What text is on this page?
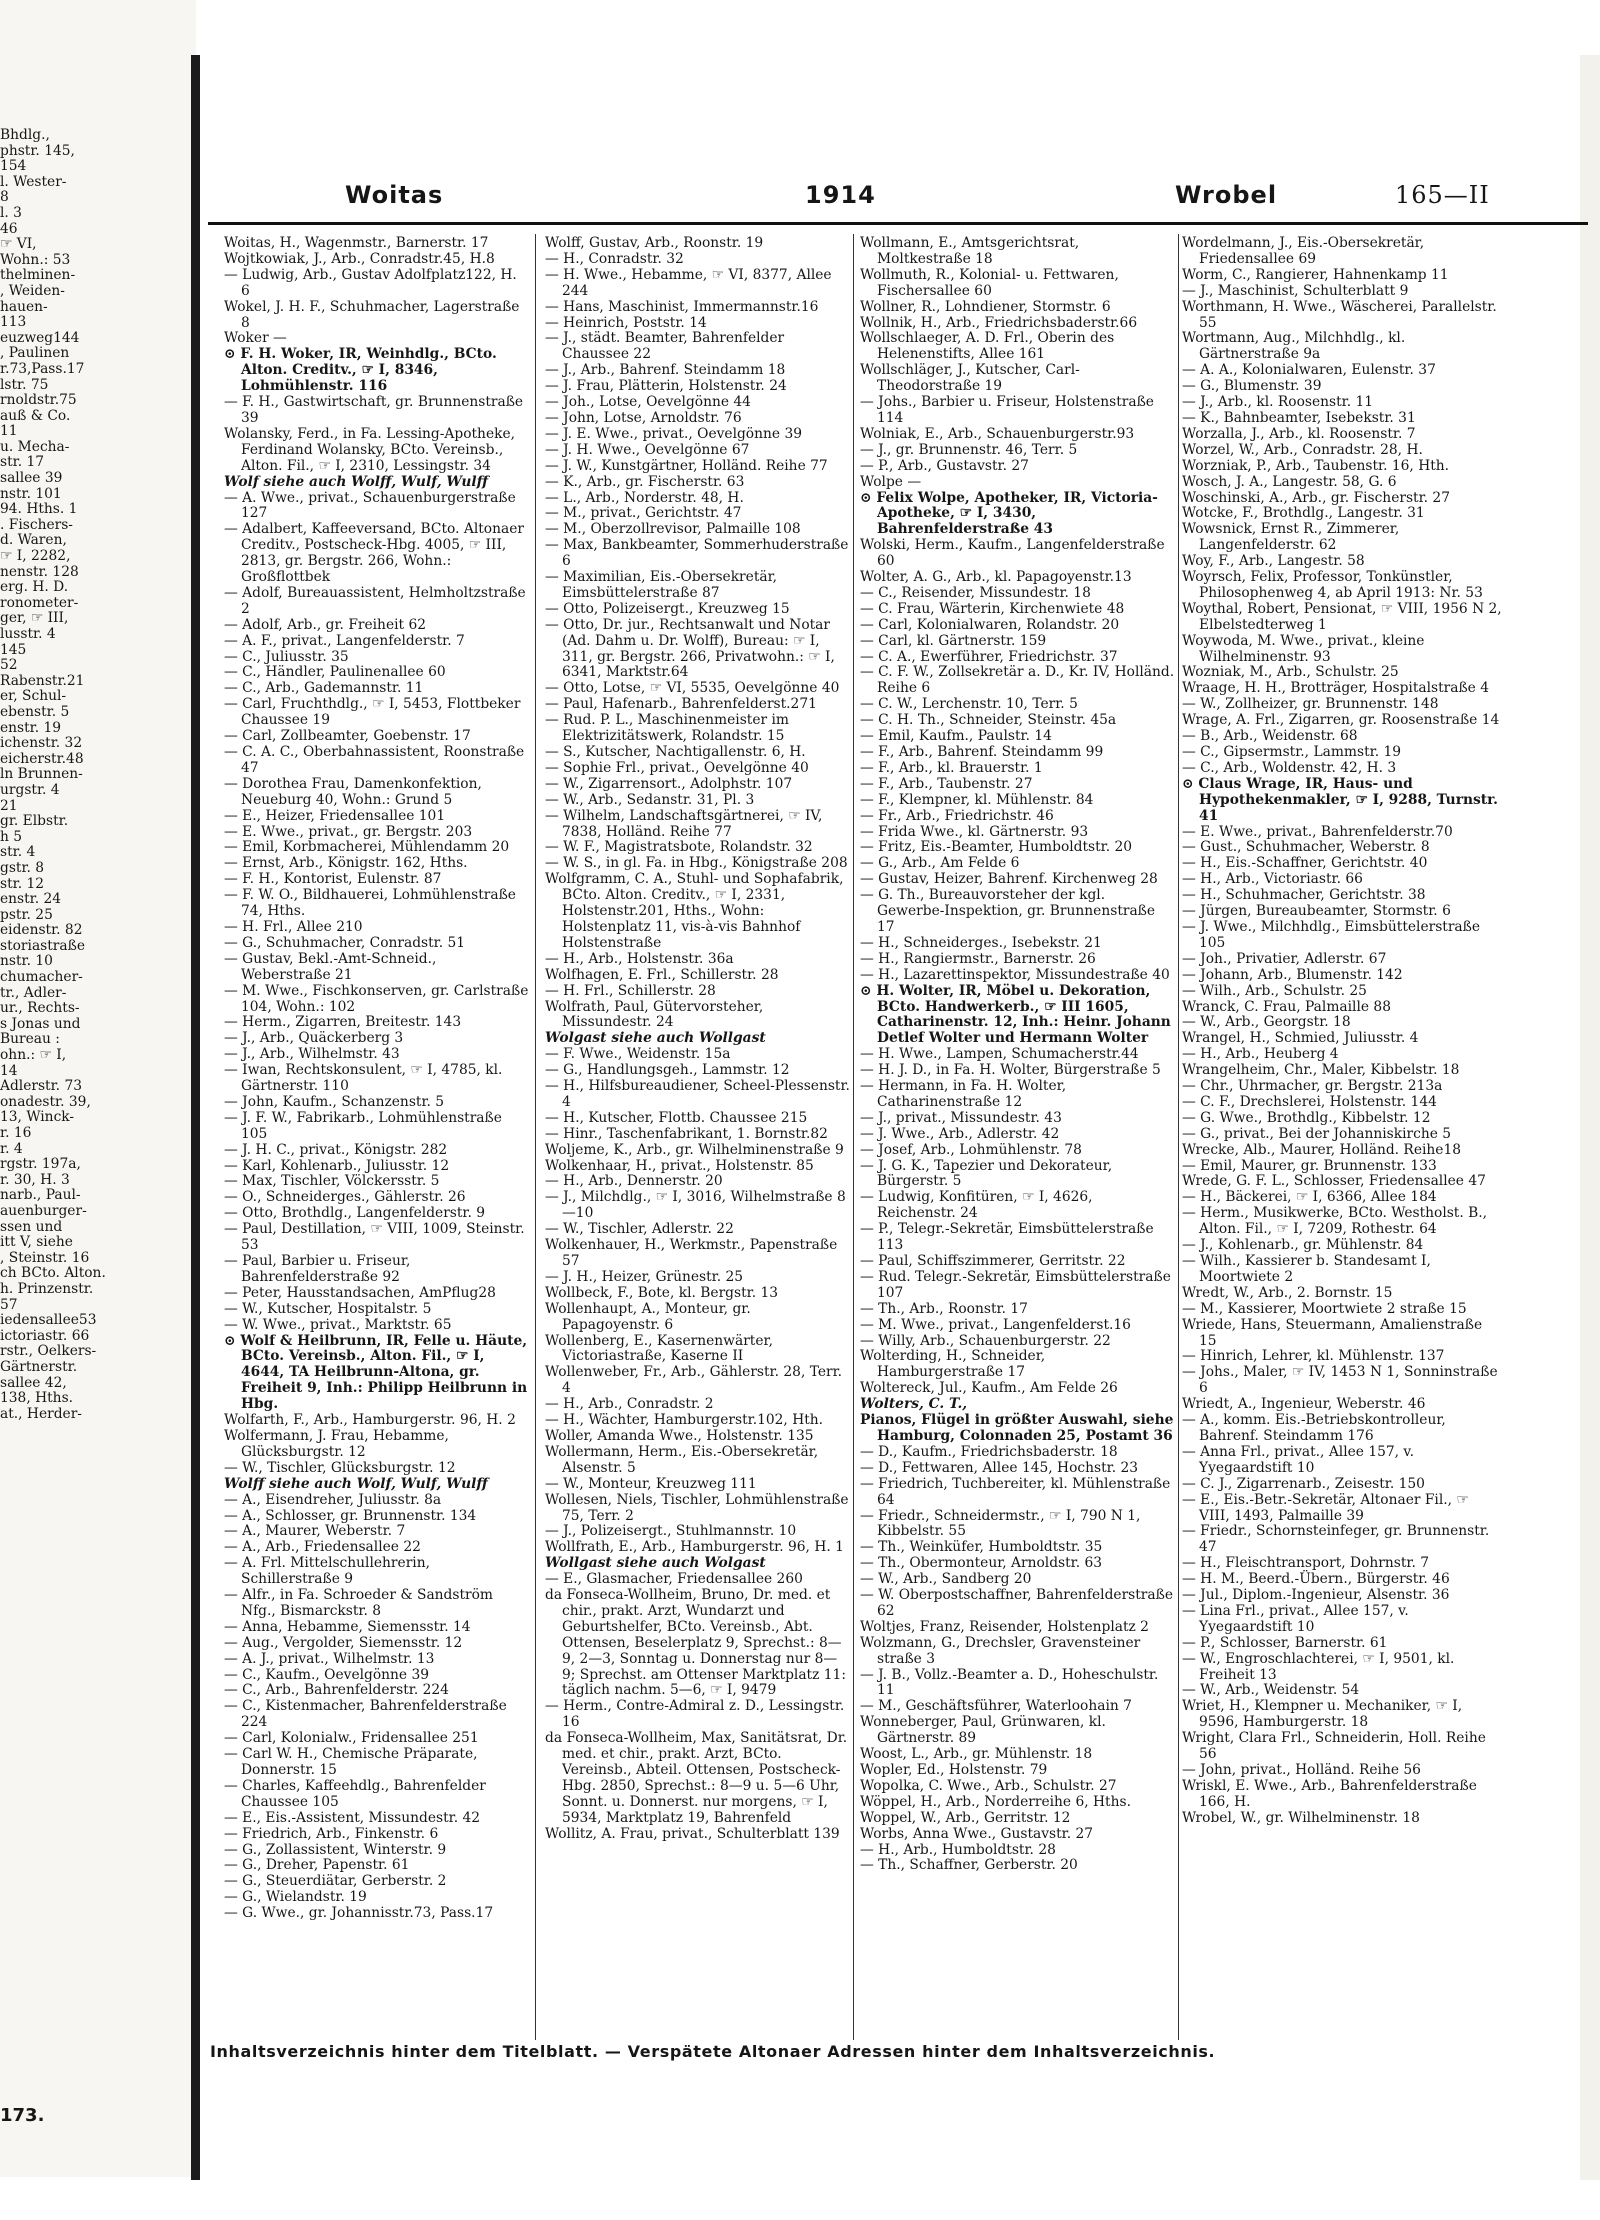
Bhdlg.,
phstr. 145,
154
l. Wester-
8
l. 3
46
☞ VI,
Wohn.: 53
thelminen-
, Weiden-
hauen-
113
euzweg144
, Paulinen
r.73,Pass.17
lstr. 75
rnoldstr.75
auß & Co.
11
u. Mecha-
str. 17
sallee 39
nstr. 101
94. Hths. 1
. Fischers-
d. Waren,
☞ I, 2282,
nenstr. 128
erg. H. D.
ronometer-
ger, ☞ III,
lusstr. 4
145
52
Rabenstr.21
er, Schul-
ebenstr. 5
enstr. 19
ichenstr. 32
eicherstr.48
ln Brunnen-
urgstr. 4
21
gr. Elbstr.
h 5
str. 4
gstr. 8
str. 12
enstr. 24
pstr. 25
eidenstr. 82
storiastraße
nstr. 10
chumacher-
tr., Adler-
ur., Rechts-
s Jonas und
Bureau :
ohn.: ☞ I,
14
Adlerstr. 73
onadestr. 39,
13, Winck-
r. 16
r. 4
rgstr. 197a,
r. 30, H. 3
narb., Paul-
auenburger-
ssen und
itt V, siehe
, Steinstr. 16
ch BCto. Alton.
h. Prinzenstr.
57
iedensallee53
ictoriastr. 66
rstr., Oelkers-
Gärtnerstr.
sallee 42,
138, Hths.
at., Herder-
173.
Woitas	1914	Wrobel	165—II

Woitas, H., Wagenmstr., Barnerstr. 17

Wojtkowiak, J., Arb., Conradstr.45, H.8

— Ludwig, Arb., Gustav Adolfplatz122, H. 6

Wokel, J. H. F., Schuhmacher, Lagerstraße 8

Woker —

⊙ F. H. Woker, IR, Weinhdlg., BCto. Alton. Creditv., ☞ I, 8346, Lohmühlenstr. 116

— F. H., Gastwirtschaft, gr. Brunnenstraße 39

Wolansky, Ferd., in Fa. Lessing-Apotheke, Ferdinand Wolansky, BCto. Vereinsb., Alton. Fil., ☞ I, 2310, Lessingstr. 34

Wolf siehe auch Wolff, Wulf, Wulff

— A. Wwe., privat., Schauenburgerstraße 127

— Adalbert, Kaffeeversand, BCto. Altonaer Creditv., Postscheck-Hbg. 4005, ☞ III, 2813, gr. Bergstr. 266, Wohn.: Großflottbek

— Adolf, Bureauassistent, Helmholtzstraße 2

— Adolf, Arb., gr. Freiheit 62

— A. F., privat., Langenfelderstr. 7

— C., Juliusstr. 35

— C., Händler, Paulinenallee 60

— C., Arb., Gademannstr. 11

— Carl, Fruchthdlg., ☞ I, 5453, Flottbeker Chaussee 19

— Carl, Zollbeamter, Goebenstr. 17

— C. A. C., Oberbahnassistent, Roonstraße 47

— Dorothea Frau, Damenkonfektion, Neueburg 40, Wohn.: Grund 5

— E., Heizer, Friedensallee 101

— E. Wwe., privat., gr. Bergstr. 203

— Emil, Korbmacherei, Mühlendamm 20

— Ernst, Arb., Königstr. 162, Hths.

— F. H., Kontorist, Eulenstr. 87

— F. W. O., Bildhauerei, Lohmühlenstraße 74, Hths.

— H. Frl., Allee 210

— G., Schuhmacher, Conradstr. 51

— Gustav, Bekl.-Amt-Schneid., Weberstraße 21

— M. Wwe., Fischkonserven, gr. Carlstraße 104, Wohn.: 102

— Herm., Zigarren, Breitestr. 143

— J., Arb., Quäckerberg 3

— J., Arb., Wilhelmstr. 43

— Iwan, Rechtskonsulent, ☞ I, 4785, kl. Gärtnerstr. 110

— John, Kaufm., Schanzenstr. 5

— J. F. W., Fabrikarb., Lohmühlenstraße 105

— J. H. C., privat., Königstr. 282

— Karl, Kohlenarb., Juliusstr. 12

— Max, Tischler, Völckersstr. 5

— O., Schneiderges., Gählerstr. 26

— Otto, Brothdlg., Langenfelderstr. 9

— Paul, Destillation, ☞ VIII, 1009, Steinstr. 53

— Paul, Barbier u. Friseur, Bahrenfelderstraße 92

— Peter, Hausstandsachen, AmPflug28

— W., Kutscher, Hospitalstr. 5

— W. Wwe., privat., Marktstr. 65

⊙ Wolf & Heilbrunn, IR, Felle u. Häute, BCto. Vereinsb., Alton. Fil., ☞ I, 4644, TA Heilbrunn-Altona, gr. Freiheit 9, Inh.: Philipp Heilbrunn in Hbg.

Wolfarth, F., Arb., Hamburgerstr. 96, H. 2

Wolfermann, J. Frau, Hebamme, Glücksburgstr. 12

— W., Tischler, Glücksburgstr. 12

Wolff siehe auch Wolf, Wulf, Wulff

— A., Eisendreher, Juliusstr. 8a

— A., Schlosser, gr. Brunnenstr. 134

— A., Maurer, Weberstr. 7

— A., Arb., Friedensallee 22

— A. Frl. Mittelschullehrerin, Schillerstraße 9

— Alfr., in Fa. Schroeder & Sandström Nfg., Bismarckstr. 8

— Anna, Hebamme, Siemensstr. 14

— Aug., Vergolder, Siemensstr. 12

— A. J., privat., Wilhelmstr. 13

— C., Kaufm., Oevelgönne 39

— C., Arb., Bahrenfelderstr. 224

— C., Kistenmacher, Bahrenfelderstraße 224

— Carl, Kolonialw., Fridensallee 251

— Carl W. H., Chemische Präparate, Donnerstr. 15

— Charles, Kaffeehdlg., Bahrenfelder Chaussee 105

— E., Eis.-Assistent, Missundestr. 42

— Friedrich, Arb., Finkenstr. 6

— G., Zollassistent, Winterstr. 9

— G., Dreher, Papenstr. 61

— G., Steuerdiätar, Gerberstr. 2

— G., Wielandstr. 19

— G. Wwe., gr. Johannisstr.73, Pass.17

Wolff, Gustav, Arb., Roonstr. 19

— H., Conradstr. 32

— H. Wwe., Hebamme, ☞ VI, 8377, Allee 244

— Hans, Maschinist, Immermannstr.16

— Heinrich, Poststr. 14

— J., städt. Beamter, Bahrenfelder Chaussee 22

— J., Arb., Bahrenf. Steindamm 18

— J. Frau, Plätterin, Holstenstr. 24

— Joh., Lotse, Oevelgönne 44

— John, Lotse, Arnoldstr. 76

— J. E. Wwe., privat., Oevelgönne 39

— J. H. Wwe., Oevelgönne 67

— J. W., Kunstgärtner, Holländ. Reihe 77

— K., Arb., gr. Fischerstr. 63

— L., Arb., Norderstr. 48, H.

— M., privat., Gerichtstr. 47

— M., Oberzollrevisor, Palmaille 108

— Max, Bankbeamter, Sommerhuderstraße 6

— Maximilian, Eis.-Obersekretär, Eimsbüttelerstraße 87

— Otto, Polizeisergt., Kreuzweg 15

— Otto, Dr. jur., Rechtsanwalt und Notar (Ad. Dahm u. Dr. Wolff), Bureau: ☞ I, 311, gr. Bergstr. 266, Privatwohn.: ☞ I, 6341, Marktstr.64

— Otto, Lotse, ☞ VI, 5535, Oevelgönne 40

— Paul, Hafenarb., Bahrenfelderst.271

— Rud. P. L., Maschinenmeister im Elektrizitätswerk, Rolandstr. 15

— S., Kutscher, Nachtigallenstr. 6, H.

— Sophie Frl., privat., Oevelgönne 40

— W., Zigarrensort., Adolphstr. 107

— W., Arb., Sedanstr. 31, Pl. 3

— Wilhelm, Landschaftsgärtnerei, ☞ IV, 7838, Holländ. Reihe 77

— W. F., Magistratsbote, Rolandstr. 32

— W. S., in gl. Fa. in Hbg., Königstraße 208

Wolfgramm, C. A., Stuhl- und Sophafabrik, BCto. Alton. Creditv., ☞ I, 2331, Holstenstr.201, Hths., Wohn: Holstenplatz 11, vis-à-vis Bahnhof Holstenstraße

— H., Arb., Holstenstr. 36a

Wolfhagen, E. Frl., Schillerstr. 28

— H. Frl., Schillerstr. 28

Wolfrath, Paul, Gütervorsteher, Missundestr. 24

Wolgast siehe auch Wollgast

— F. Wwe., Weidenstr. 15a

— G., Handlungsgeh., Lammstr. 12

— H., Hilfsbureaudiener, Scheel-Plessenstr. 4

— H., Kutscher, Flottb. Chaussee 215

— Hinr., Taschenfabrikant, 1. Bornstr.82

Woljeme, K., Arb., gr. Wilhelminenstraße 9

Wolkenhaar, H., privat., Holstenstr. 85

— H., Arb., Dennerstr. 20

— J., Milchdlg., ☞ I, 3016, Wilhelmstraße 8—10

— W., Tischler, Adlerstr. 22

Wolkenhauer, H., Werkmstr., Papenstraße 57

— J. H., Heizer, Grünestr. 25

Wollbeck, F., Bote, kl. Bergstr. 13

Wollenhaupt, A., Monteur, gr. Papagoyenstr. 6

Wollenberg, E., Kasernenwärter, Victoriastraße, Kaserne II

Wollenweber, Fr., Arb., Gählerstr. 28, Terr. 4

— H., Arb., Conradstr. 2

— H., Wächter, Hamburgerstr.102, Hth.

Woller, Amanda Wwe., Holstenstr. 135

Wollermann, Herm., Eis.-Obersekretär, Alsenstr. 5

— W., Monteur, Kreuzweg 111

Wollesen, Niels, Tischler, Lohmühlenstraße 75, Terr. 2

— J., Polizeisergt., Stuhlmannstr. 10

Wollfrath, E., Arb., Hamburgerstr. 96, H. 1

Wollgast siehe auch Wolgast

— E., Glasmacher, Friedensallee 260

da Fonseca-Wollheim, Bruno, Dr. med. et chir., prakt. Arzt, Wundarzt und Geburtshelfer, BCto. Vereinsb., Abt. Ottensen, Beselerplatz 9, Sprechst.: 8—9, 2—3, Sonntag u. Donnerstag nur 8—9; Sprechst. am Ottenser Marktplatz 11: täglich nachm. 5—6, ☞ I, 9479

— Herm., Contre-Admiral z. D., Lessingstr. 16

da Fonseca-Wollheim, Max, Sanitätsrat, Dr. med. et chir., prakt. Arzt, BCto. Vereinsb., Abteil. Ottensen, Postscheck-Hbg. 2850, Sprechst.: 8—9 u. 5—6 Uhr, Sonnt. u. Donnerst. nur morgens, ☞ I, 5934, Marktplatz 19, Bahrenfeld

Wollitz, A. Frau, privat., Schulterblatt 139

Wollmann, E., Amtsgerichtsrat, Moltkestraße 18

Wollmuth, R., Kolonial- u. Fettwaren, Fischersallee 60

Wollner, R., Lohndiener, Stormstr. 6

Wollnik, H., Arb., Friedrichsbaderstr.66

Wollschlaeger, A. D. Frl., Oberin des Helenenstifts, Allee 161

Wollschläger, J., Kutscher, Carl-Theodorstraße 19

— Johs., Barbier u. Friseur, Holstenstraße 114

Wolniak, E., Arb., Schauenburgerstr.93

— J., gr. Brunnenstr. 46, Terr. 5

— P., Arb., Gustavstr. 27

Wolpe —

⊙ Felix Wolpe, Apotheker, IR, Victoria-Apotheke, ☞ I, 3430, Bahrenfelderstraße 43

Wolski, Herm., Kaufm., Langenfelderstraße 60

Wolter, A. G., Arb., kl. Papagoyenstr.13

— C., Reisender, Missundestr. 18

— C. Frau, Wärterin, Kirchenwiete 48

— Carl, Kolonialwaren, Rolandstr. 20

— Carl, kl. Gärtnerstr. 159

— C. A., Ewerführer, Friedrichstr. 37

— C. F. W., Zollsekretär a. D., Kr. IV, Holländ. Reihe 6

— C. W., Lerchenstr. 10, Terr. 5

— C. H. Th., Schneider, Steinstr. 45a

— Emil, Kaufm., Paulstr. 14

— F., Arb., Bahrenf. Steindamm 99

— F., Arb., kl. Brauerstr. 1

— F., Arb., Taubenstr. 27

— F., Klempner, kl. Mühlenstr. 84

— Fr., Arb., Friedrichstr. 46

— Frida Wwe., kl. Gärtnerstr. 93

— Fritz, Eis.-Beamter, Humboldtstr. 20

— G., Arb., Am Felde 6

— Gustav, Heizer, Bahrenf. Kirchenweg 28

— G. Th., Bureauvorsteher der kgl. Gewerbe-Inspektion, gr. Brunnenstraße 17

— H., Schneiderges., Isebekstr. 21

— H., Rangiermstr., Barnerstr. 26

— H., Lazarettinspektor, Missundestraße 40

⊙ H. Wolter, IR, Möbel u. Dekoration, BCto. Handwerkerb., ☞ III 1605, Catharinenstr. 12, Inh.: Heinr. Johann Detlef Wolter und Hermann Wolter

— H. Wwe., Lampen, Schumacherstr.44

— H. J. D., in Fa. H. Wolter, Bürgerstraße 5

— Hermann, in Fa. H. Wolter, Catharinenstraße 12

— J., privat., Missundestr. 43

— J. Wwe., Arb., Adlerstr. 42

— Josef, Arb., Lohmühlenstr. 78

— J. G. K., Tapezier und Dekorateur, Bürgerstr. 5

— Ludwig, Konfitüren, ☞ I, 4626, Reichenstr. 24

— P., Telegr.-Sekretär, Eimsbüttelerstraße 113

— Paul, Schiffszimmerer, Gerritstr. 22

— Rud. Telegr.-Sekretär, Eimsbüttelerstraße 107

— Th., Arb., Roonstr. 17

— M. Wwe., privat., Langenfelderst.16

— Willy, Arb., Schauenburgerstr. 22

Wolterding, H., Schneider, Hamburgerstraße 17

Woltereck, Jul., Kaufm., Am Felde 26

Wolters, C. T.,

Pianos, Flügel in größter Auswahl, siehe Hamburg, Colonnaden 25, Postamt 36

— D., Kaufm., Friedrichsbaderstr. 18

— D., Fettwaren, Allee 145, Hochstr. 23

— Friedrich, Tuchbereiter, kl. Mühlenstraße 64

— Friedr., Schneidermstr., ☞ I, 790 N 1, Kibbelstr. 55

— Th., Weinküfer, Humboldtstr. 35

— Th., Obermonteur, Arnoldstr. 63

— W., Arb., Sandberg 20

— W. Oberpostschaffner, Bahrenfelderstraße 62

Woltjes, Franz, Reisender, Holstenplatz 2

Wolzmann, G., Drechsler, Gravensteiner straße 3

— J. B., Vollz.-Beamter a. D., Hoheschulstr. 11

— M., Geschäftsführer, Waterloohain 7

Wonneberger, Paul, Grünwaren, kl. Gärtnerstr. 89

Woost, L., Arb., gr. Mühlenstr. 18

Wopler, Ed., Holstenstr. 79

Wopolka, C. Wwe., Arb., Schulstr. 27

Wöppel, H., Arb., Norderreihe 6, Hths.

Woppel, W., Arb., Gerritstr. 12

Worbs, Anna Wwe., Gustavstr. 27

— H., Arb., Humboldtstr. 28

— Th., Schaffner, Gerberstr. 20

Wordelmann, J., Eis.-Obersekretär, Friedensallee 69

Worm, C., Rangierer, Hahnenkamp 11

— J., Maschinist, Schulterblatt 9

Worthmann, H. Wwe., Wäscherei, Parallelstr. 55

Wortmann, Aug., Milchhdlg., kl. Gärtnerstraße 9a

— A. A., Kolonialwaren, Eulenstr. 37

— G., Blumenstr. 39

— J., Arb., kl. Roosenstr. 11

— K., Bahnbeamter, Isebekstr. 31

Worzalla, J., Arb., kl. Roosenstr. 7

Worzel, W., Arb., Conradstr. 28, H.

Worzniak, P., Arb., Taubenstr. 16, Hth.

Wosch, J. A., Langestr. 58, G. 6

Woschinski, A., Arb., gr. Fischerstr. 27

Wotcke, F., Brothdlg., Langestr. 31

Wowsnick, Ernst R., Zimmerer, Langenfelderstr. 62

Woy, F., Arb., Langestr. 58

Woyrsch, Felix, Professor, Tonkünstler, Philosophenweg 4, ab April 1913: Nr. 53

Woythal, Robert, Pensionat, ☞ VIII, 1956 N 2, Elbelstedterweg 1

Woywoda, M. Wwe., privat., kleine Wilhelminenstr. 93

Wozniak, M., Arb., Schulstr. 25

Wraage, H. H., Brotträger, Hospitalstraße 4

— W., Zollheizer, gr. Brunnenstr. 148

Wrage, A. Frl., Zigarren, gr. Roosenstraße 14

— B., Arb., Weidenstr. 68

— C., Gipsermstr., Lammstr. 19

— C., Arb., Woldenstr. 42, H. 3

⊙ Claus Wrage, IR, Haus- und Hypothekenmakler, ☞ I, 9288, Turnstr. 41

— E. Wwe., privat., Bahrenfelderstr.70

— Gust., Schuhmacher, Weberstr. 8

— H., Eis.-Schaffner, Gerichtstr. 40

— H., Arb., Victoriastr. 66

— H., Schuhmacher, Gerichtstr. 38

— Jürgen, Bureaubeamter, Stormstr. 6

— J. Wwe., Milchhdlg., Eimsbüttelerstraße 105

— Joh., Privatier, Adlerstr. 67

— Johann, Arb., Blumenstr. 142

— Wilh., Arb., Schulstr. 25

Wranck, C. Frau, Palmaille 88

— W., Arb., Georgstr. 18

Wrangel, H., Schmied, Juliusstr. 4

— H., Arb., Heuberg 4

Wrangelheim, Chr., Maler, Kibbelstr. 18

— Chr., Uhrmacher, gr. Bergstr. 213a

— C. F., Drechslerei, Holstenstr. 144

— G. Wwe., Brothdlg., Kibbelstr. 12

— G., privat., Bei der Johanniskirche 5

Wrecke, Alb., Maurer, Holländ. Reihe18

— Emil, Maurer, gr. Brunnenstr. 133

Wrede, G. F. L., Schlosser, Friedensallee 47

— H., Bäckerei, ☞ I, 6366, Allee 184

— Herm., Musikwerke, BCto. Westholst. B., Alton. Fil., ☞ I, 7209, Rothestr. 64

— J., Kohlenarb., gr. Mühlenstr. 84

— Wilh., Kassierer b. Standesamt I, Moortwiete 2

Wredt, W., Arb., 2. Bornstr. 15

— M., Kassierer, Moortwiete 2 straße 15

Wriede, Hans, Steuermann, Amalienstraße 15

— Hinrich, Lehrer, kl. Mühlenstr. 137

— Johs., Maler, ☞ IV, 1453 N 1, Sonninstraße 6

Wriedt, A., Ingenieur, Weberstr. 46

— A., komm. Eis.-Betriebskontrolleur, Bahrenf. Steindamm 176

— Anna Frl., privat., Allee 157, v. Yyegaardstift 10

— C. J., Zigarrenarb., Zeisestr. 150

— E., Eis.-Betr.-Sekretär, Altonaer Fil., ☞ VIII, 1493, Palmaille 39

— Friedr., Schornsteinfeger, gr. Brunnenstr. 47

— H., Fleischtransport, Dohrnstr. 7

— H. M., Beerd.-Übern., Bürgerstr. 46

— Jul., Diplom.-Ingenieur, Alsenstr. 36

— Lina Frl., privat., Allee 157, v. Yyegaardstift 10

— P., Schlosser, Barnerstr. 61

— W., Engroschlachterei, ☞ I, 9501, kl. Freiheit 13

— W., Arb., Weidenstr. 54

Wriet, H., Klempner u. Mechaniker, ☞ I, 9596, Hamburgerstr. 18

Wright, Clara Frl., Schneiderin, Holl. Reihe 56

— John, privat., Holländ. Reihe 56

Wriskl, E. Wwe., Arb., Bahrenfelderstraße 166, H.

Wrobel, W., gr. Wilhelminenstr. 18

Inhaltsverzeichnis hinter dem Titelblatt. — Verspätete Altonaer Adressen hinter dem Inhaltsverzeichnis.
